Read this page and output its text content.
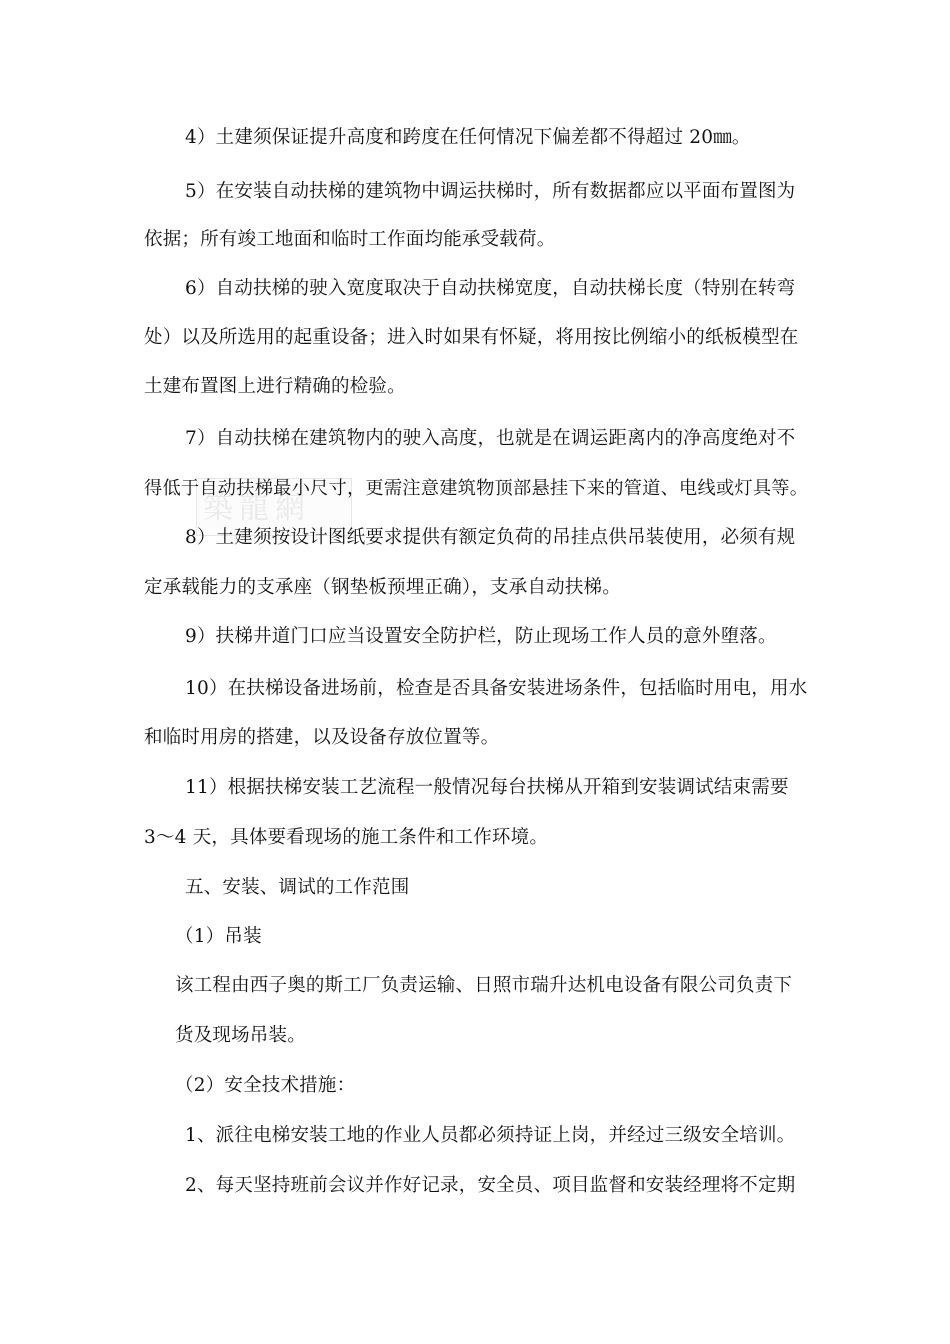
築龍網

4）土建须保证提升高度和跨度在任何情况下偏差都不得超过 20㎜。

5）在安装自动扶梯的建筑物中调运扶梯时，所有数据都应以平面布置图为

依据；所有竣工地面和临时工作面均能承受载荷。

6）自动扶梯的驶入宽度取决于自动扶梯宽度，自动扶梯长度（特别在转弯

处）以及所选用的起重设备；进入时如果有怀疑，将用按比例缩小的纸板模型在

土建布置图上进行精确的检验。

7）自动扶梯在建筑物内的驶入高度，也就是在调运距离内的净高度绝对不

得低于自动扶梯最小尺寸，更需注意建筑物顶部悬挂下来的管道、电线或灯具等。

8）土建须按设计图纸要求提供有额定负荷的吊挂点供吊装使用，必须有规

定承载能力的支承座（钢垫板预埋正确），支承自动扶梯。

9）扶梯井道门口应当设置安全防护栏，防止现场工作人员的意外堕落。

10）在扶梯设备进场前，检查是否具备安装进场条件，包括临时用电，用水

和临时用房的搭建，以及设备存放位置等。

11）根据扶梯安装工艺流程一般情况每台扶梯从开箱到安装调试结束需要

3～4 天，具体要看现场的施工条件和工作环境。

五、安装、调试的工作范围

（1）吊装

该工程由西子奥的斯工厂负责运输、日照市瑞升达机电设备有限公司负责下

货及现场吊装。

（2）安全技术措施：

1、派往电梯安装工地的作业人员都必须持证上岗，并经过三级安全培训。

2、每天坚持班前会议并作好记录，安全员、项目监督和安装经理将不定期
